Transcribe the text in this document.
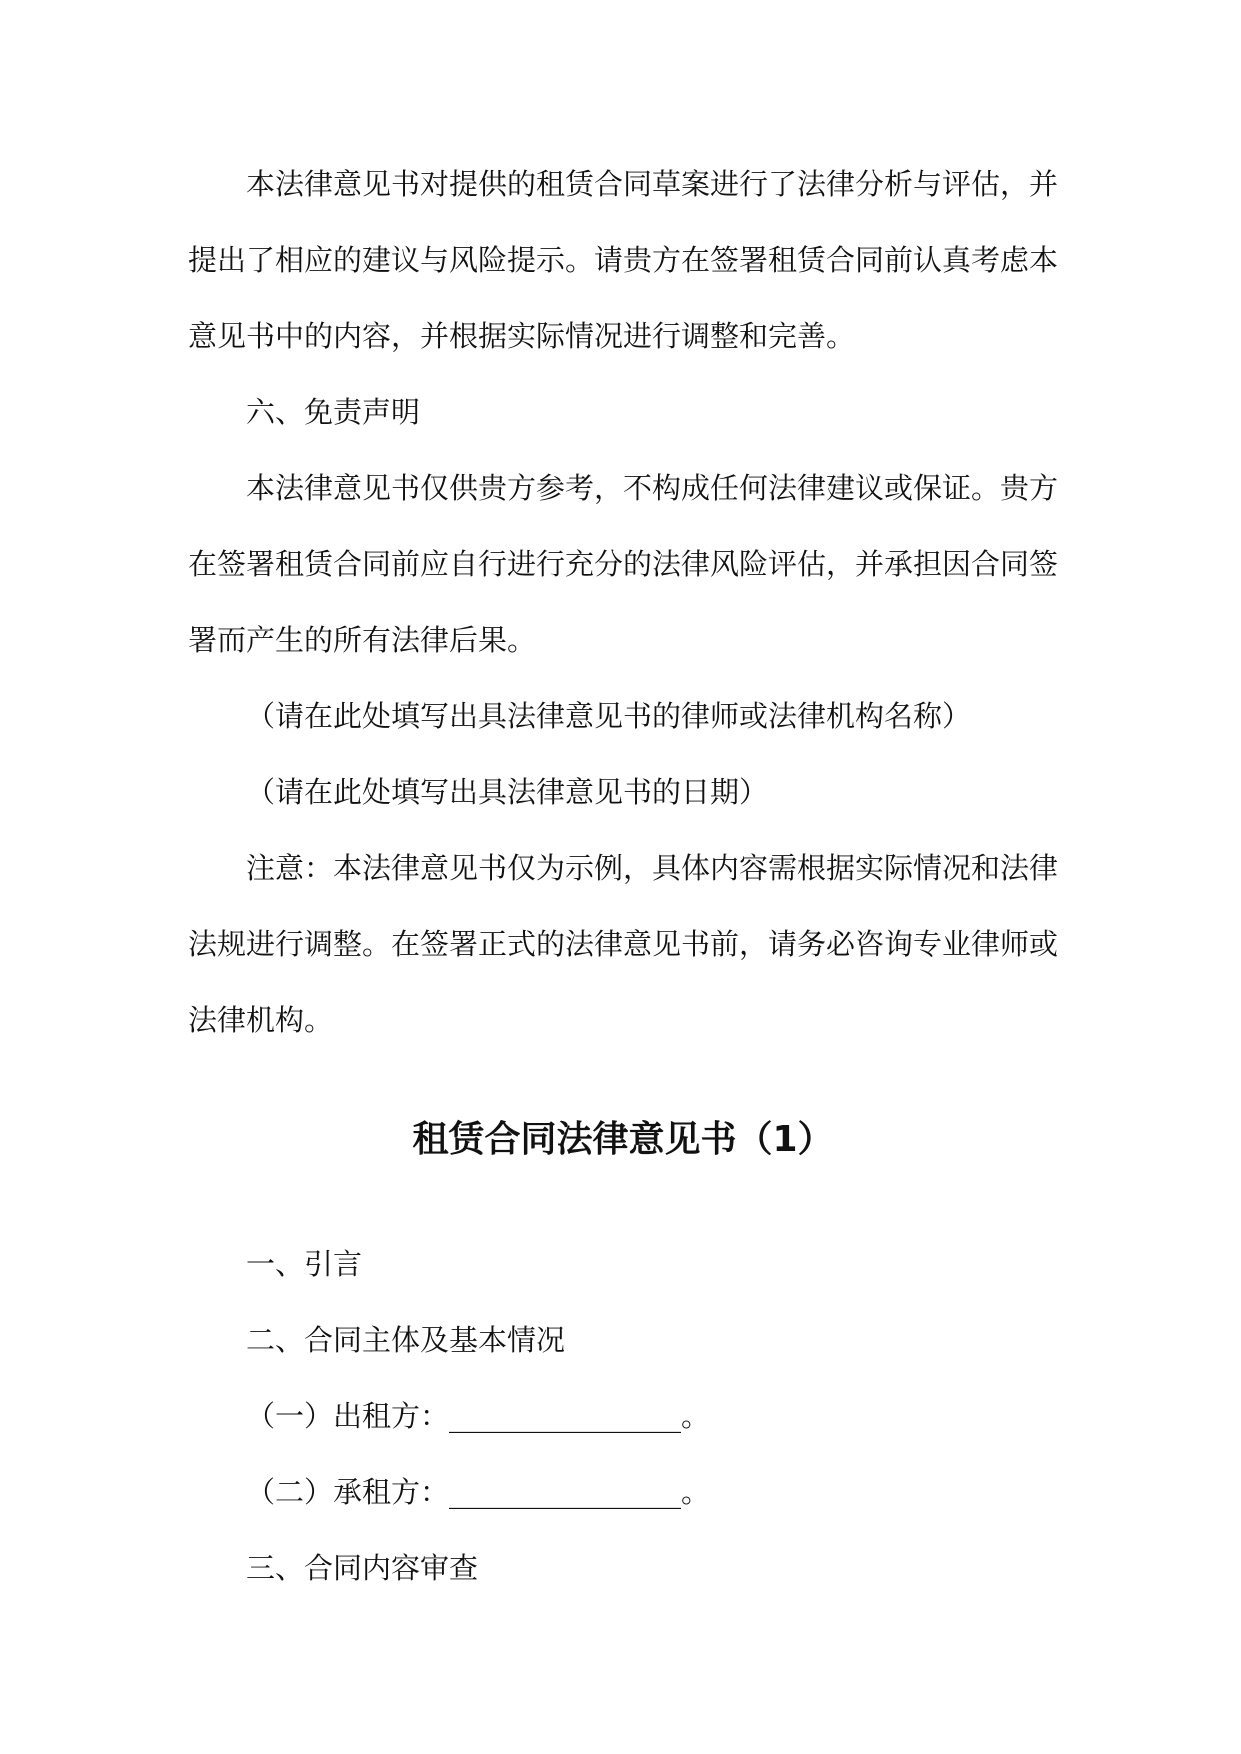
本法律意见书对提供的租赁合同草案进行了法律分析与评估，并提出了相应的建议与风险提示。请贵方在签署租赁合同前认真考虑本意见书中的内容，并根据实际情况进行调整和完善。

六、免责声明

本法律意见书仅供贵方参考，不构成任何法律建议或保证。贵方在签署租赁合同前应自行进行充分的法律风险评估，并承担因合同签署而产生的所有法律后果。

（请在此处填写出具法律意见书的律师或法律机构名称）

（请在此处填写出具法律意见书的日期）

注意：本法律意见书仅为示例，具体内容需根据实际情况和法律法规进行调整。在签署正式的法律意见书前，请务必咨询专业律师或法律机构。

租赁合同法律意见书（1）

一、引言

二、合同主体及基本情况

（一）出租方：________________。

（二）承租方：________________。

三、合同内容审查
